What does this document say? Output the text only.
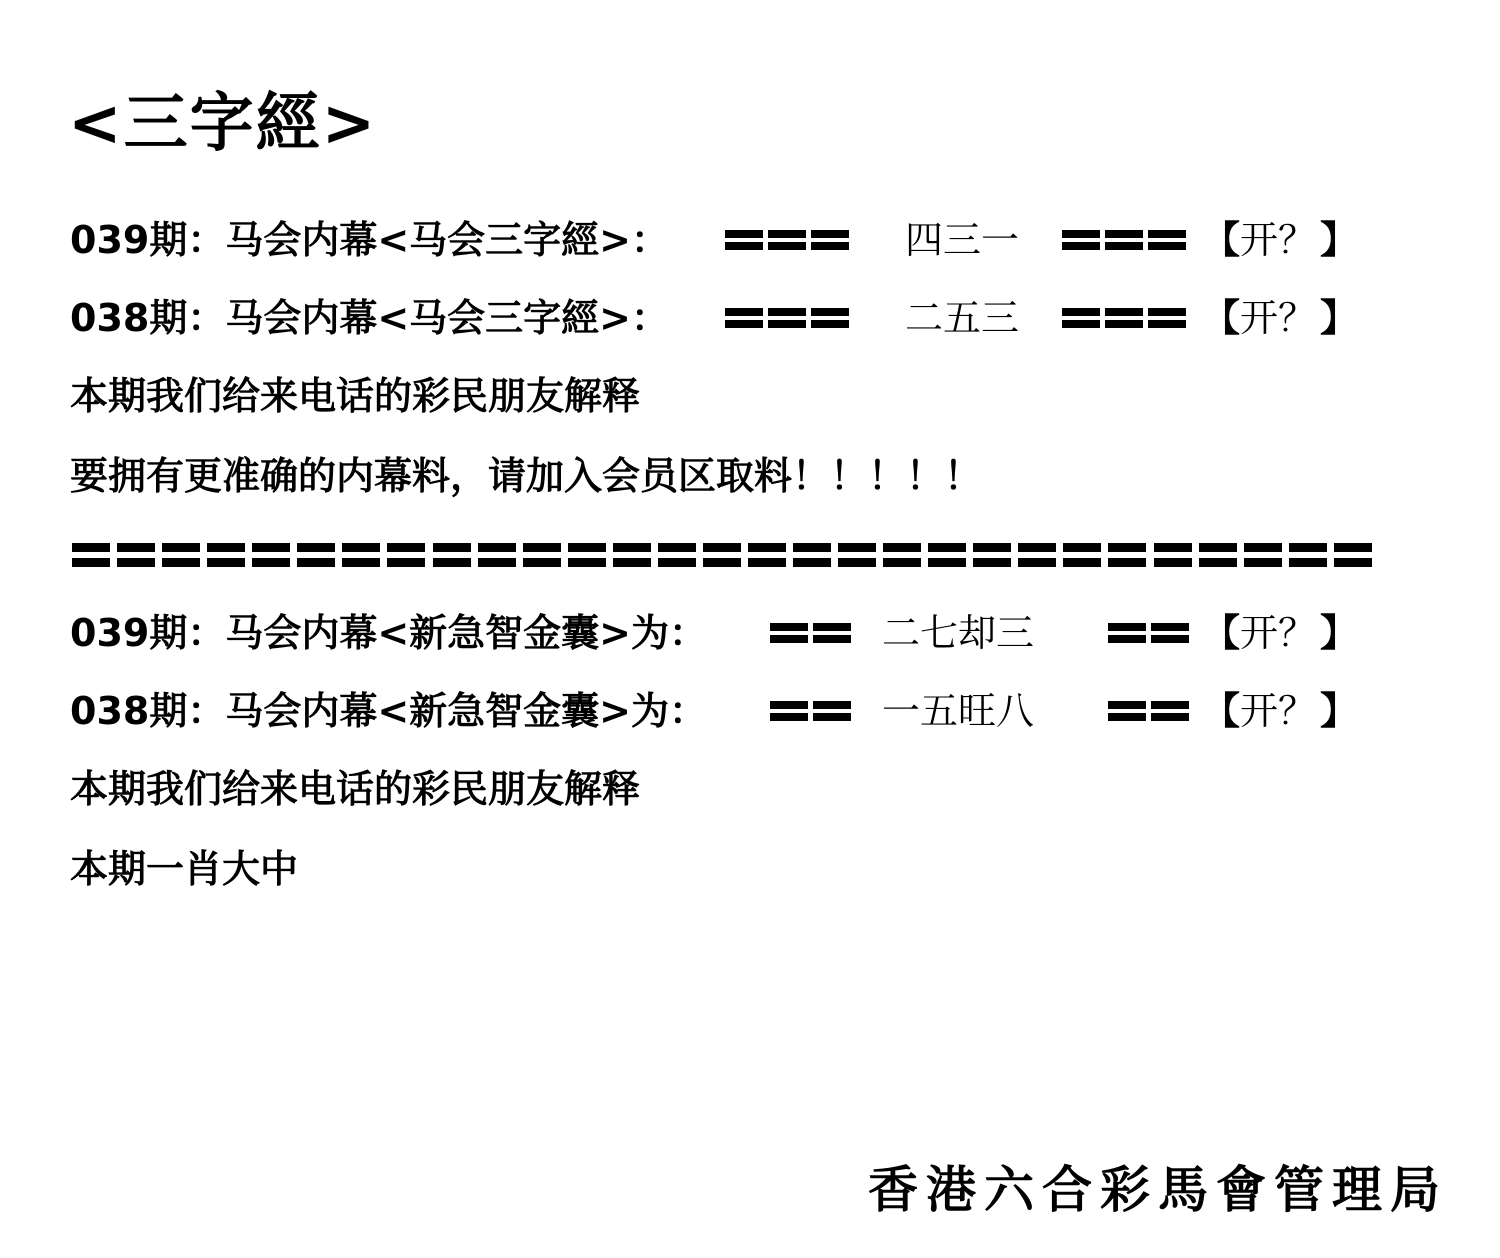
<三字經>
039期：马会内幕<马会三字經>：	四三一	【 开？ 】
038期：马会内幕<马会三字經>：	二五三	【 开？ 】
本期我们给来电话的彩民朋友解释
要拥有更准确的内幕料，请加入会员区取料！！！！！
039期：马会内幕<新急智金囊>为：	二七却三	【 开？ 】
038期：马会内幕<新急智金囊>为：	一五旺八	【 开？ 】
本期我们给来电话的彩民朋友解释
本期一肖大中
香港六合彩馬會管理局
